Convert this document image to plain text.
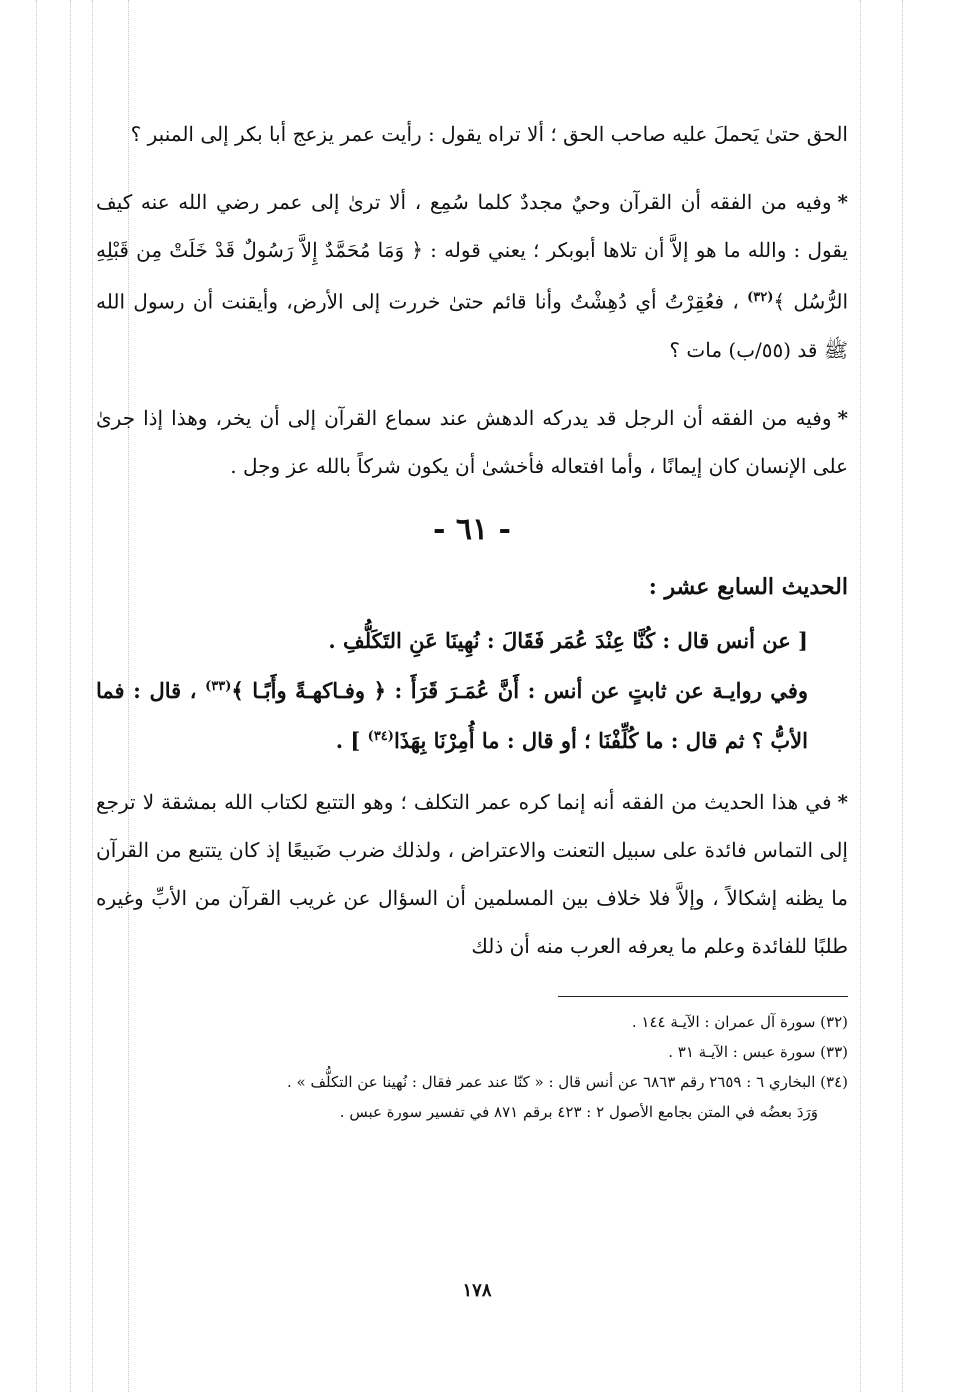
الحق حتىٰ يَحملَ عليه صاحب الحق ؛ ألا تراه يقول : رأيت عمر يزعج أبا بكر إلى المنبر ؟

*وفيه من الفقه أن القرآن وحيٌ مجددٌ كلما سُمِع ، ألا ترىٰ إلى عمر رضي الله عنه كيف يقول : والله ما هو إلاَّ أن تلاها أبوبكر ؛ يعني قوله : ﴿ وَمَا مُحَمَّدٌ إِلاَّ رَسُولٌ قَدْ خَلَتْ مِن قَبْلِهِ الرُّسُل ﴾$^{(٣٢)}$ ، فعُقِرْتُ أي دُهِشْتُ وأنا قائم حتىٰ خررت إلى الأرض، وأيقنت أن رسول الله ﷺ قد (٥٥/ب) مات ؟

*وفيه من الفقه أن الرجل قد يدركه الدهش عند سماع القرآن إلى أن يخر، وهذا إذا جرىٰ على الإنسان كان إيمانًا ، وأما افتعاله فأخشىٰ أن يكون شركاً بالله عز وجل .

- ٦١ -
الحديث السابع عشر :
[ عن أنس قال : كُنَّا عِنْدَ عُمَر فَقَالَ : نُهِينَا عَنِ التَكَلُّفِ .
وفي روايـة عن ثابتٍ عن أنس : أَنَّ عُمَـرَ قَرَأَ : ﴿ وفـاكهـةً وأَبًـا ﴾$^{(٣٣)}$ ، قال : فما الأبُّ ؟ ثم قال : ما كُلِّفْنَا ؛ أو قال : ما أُمِرْنَا بِهَذَا$^{(٣٤)}$ ] .

*في هذا الحديث من الفقه أنه إنما كره عمر التكلف ؛ وهو التتبع لكتاب الله بمشقة لا ترجع إلى التماس فائدة على سبيل التعنت والاعتراض ، ولذلك ضرب ضَبيعًا إذ كان يتتبع من القرآن ما يظنه إشكالاً ، وإلاَّ فلا خلاف بين المسلمين أن السؤال عن غريب القرآن من الأبِّ وغيره طلبًا للفائدة وعلم ما يعرفه العرب منه أن ذلك

(٣٢) سورة آل عمران : الآيـة ١٤٤ .

(٣٣) سورة عبس : الآيـة ٣١ .

(٣٤) البخاري ٦ : ٢٦٥٩ رقم ٦٨٦٣ عن أنس قال : « كنّا عند عمر فقال : نُهينا عن التكلُّف » .
وَرَدَ بعضُه في المتن بجامع الأصول ٢ : ٤٢٣ برقم ٨٧١ في تفسير سورة عبس .

١٧٨
